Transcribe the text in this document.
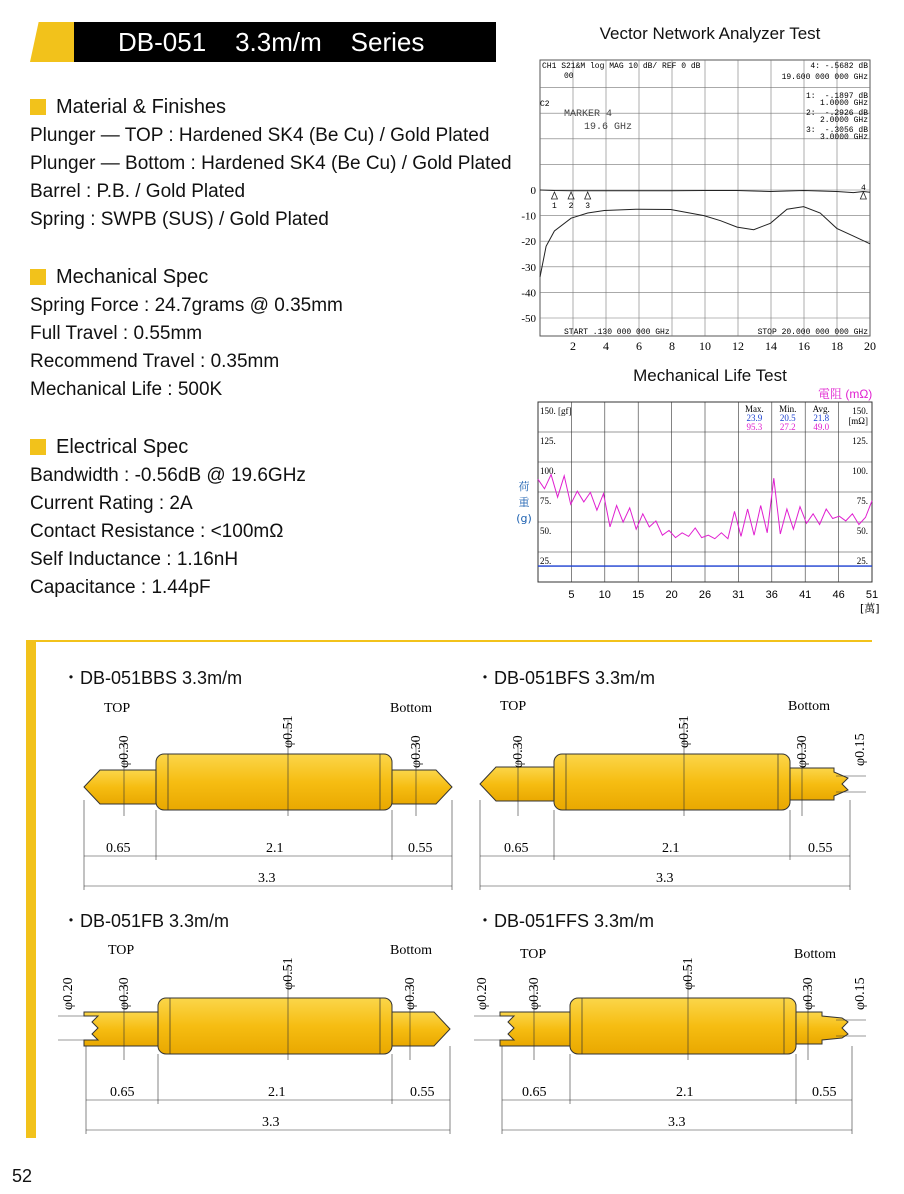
DB-051 3.3m/m Series
Material & Finishes
Plunger — TOP : Hardened SK4 (Be Cu) / Gold Plated
Plunger — Bottom : Hardened SK4 (Be Cu) / Gold Plated
Barrel : P.B. / Gold Plated
Spring : SWPB (SUS) / Gold Plated
Mechanical Spec
Spring Force : 24.7grams @ 0.35mm
Full Travel : 0.55mm
Recommend Travel : 0.35mm
Mechanical Life : 500K
Electrical Spec
Bandwidth : -0.56dB @ 19.6GHz
Current Rating : 2A
Contact Resistance : <100mΩ
Self Inductance : 1.16nH
Capacitance : 1.44pF
Vector Network Analyzer Test
CH1 S21&M log MAG 10 dB/ REF 0 dB	4: -.5682 dB
19.600 000 000 GHz
00
C2
MARKER 4
19.6 GHz
1: -.1897 dB
1.0000 GHz
2: -.2926 dB
2.0000 GHz
3: -.3056 dB
3.0000 GHz
START .130 000 000 GHz	STOP 20.000 000 000 GHz
0
-10
-20
-30
-40
-50
2 4 6 8 10 12 14 16 18 20
1 2 3
4
Mechanical Life Test
電阻 (mΩ)
150. [gf]
125.
100.
75.
50.
25.
150.
125.
100.
75.
50.
25.
[mΩ]
Max.
23.9
95.3
Min.
20.5
27.2
Avg.
21.8
49.0
5 10 15 20 26 31 36 41 46 51
[萬]
荷
重
(g)
・DB-051BBS 3.3m/m	・DB-051BFS 3.3m/m
・DB-051FB 3.3m/m	・DB-051FFS 3.3m/m
TOP	Bottom
φ0.30
φ0.51
φ0.30
0.65	2.1	0.55
3.3
TOP	Bottom
φ0.30
φ0.51
φ0.30	φ0.15
0.65	2.1	0.55
3.3
TOP	Bottom
φ0.20	φ0.30
φ0.51
φ0.30
0.65	2.1	0.55
3.3
TOP	Bottom
φ0.20	φ0.30
φ0.51
φ0.30	φ0.15
0.65	2.1	0.55
3.3
52
